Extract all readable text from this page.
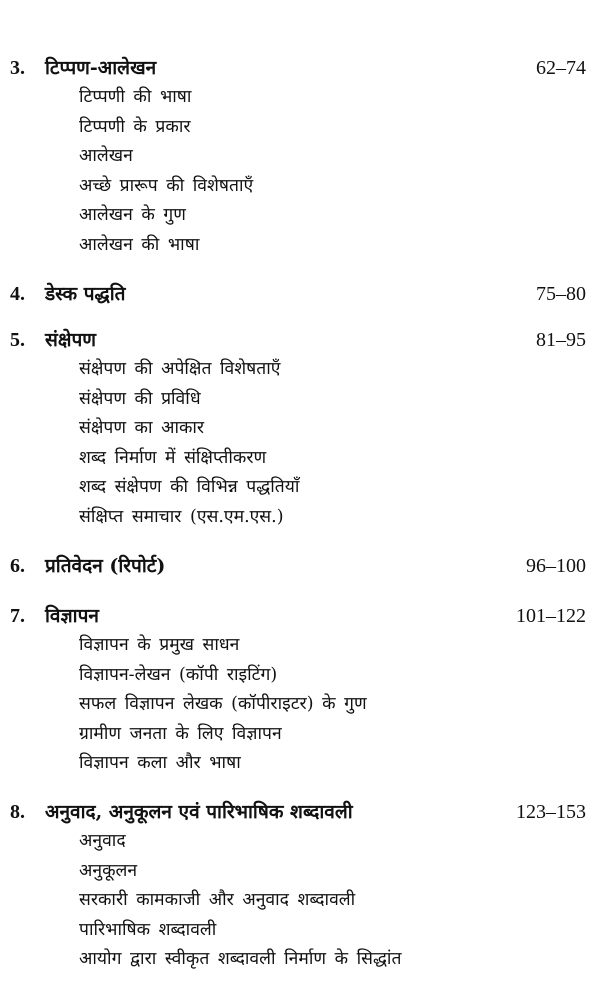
3. टिप्पण-आलेखन	62–74
टिप्पणी की भाषा
टिप्पणी के प्रकार
आलेखन
अच्छे प्रारूप की विशेषताएँ
आलेखन के गुण
आलेखन की भाषा
4. डेस्क पद्धति	75–80
5. संक्षेपण	81–95
संक्षेपण की अपेक्षित विशेषताएँ
संक्षेपण की प्रविधि
संक्षेपण का आकार
शब्द निर्माण में संक्षिप्तीकरण
शब्द संक्षेपण की विभिन्न पद्धतियाँ
संक्षिप्त समाचार (एस.एम.एस.)
6. प्रतिवेदन (रिपोर्ट)	96–100
7. विज्ञापन	101–122
विज्ञापन के प्रमुख साधन
विज्ञापन-लेखन (कॉपी राइटिंग)
सफल विज्ञापन लेखक (कॉपीराइटर) के गुण
ग्रामीण जनता के लिए विज्ञापन
विज्ञापन कला और भाषा
8. अनुवाद, अनुकूलन एवं पारिभाषिक शब्दावली	123–153
अनुवाद
अनुकूलन
सरकारी कामकाजी और अनुवाद शब्दावली
पारिभाषिक शब्दावली
आयोग द्वारा स्वीकृत शब्दावली निर्माण के सिद्धांत
